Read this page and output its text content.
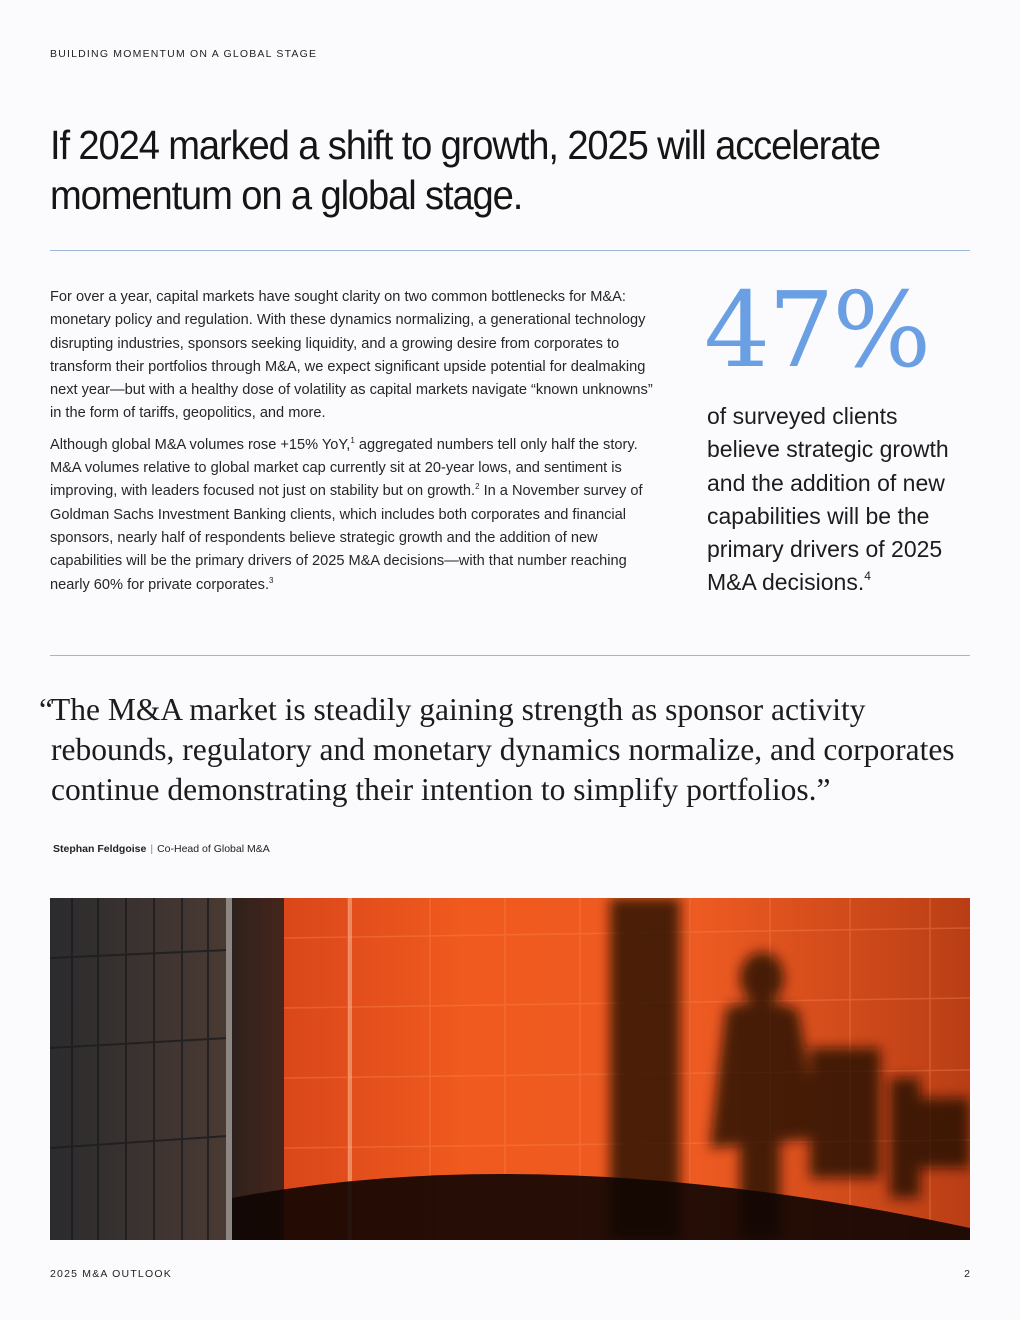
BUILDING MOMENTUM ON A GLOBAL STAGE
If 2024 marked a shift to growth, 2025 will accelerate
momentum on a global stage.

For over a year, capital markets have sought clarity on two common bottlenecks for M&A: monetary policy and regulation. With these dynamics normalizing, a generational technology disrupting industries, sponsors seeking liquidity, and a growing desire from corporates to transform their portfolios through M&A, we expect significant upside potential for dealmaking next year—but with a healthy dose of volatility as capital markets navigate “known unknowns” in the form of tariffs, geopolitics, and more.

Although global M&A volumes rose +15% YoY,$^1$ aggregated numbers tell only half the story. M&A volumes relative to global market cap currently sit at 20-year lows, and sentiment is improving, with leaders focused not just on stability but on growth.$^2$ In a November survey of Goldman Sachs Investment Banking clients, which includes both corporates and financial sponsors, nearly half of respondents believe strategic growth and the addition of new capabilities will be the primary drivers of 2025 M&A decisions—with that number reaching nearly 60% for private corporates.$^3$

47%
of surveyed clients believe strategic growth and the addition of new capabilities will be the primary drivers of 2025 M&A decisions.$^4$
“
The M&A market is steadily gaining strength as sponsor activity rebounds, regulatory and monetary dynamics normalize, and corporates continue demonstrating their intention to simplify portfolios.”
Stephan Feldgoise | Co-Head of Global M&A
2025 M&A OUTLOOK	2
